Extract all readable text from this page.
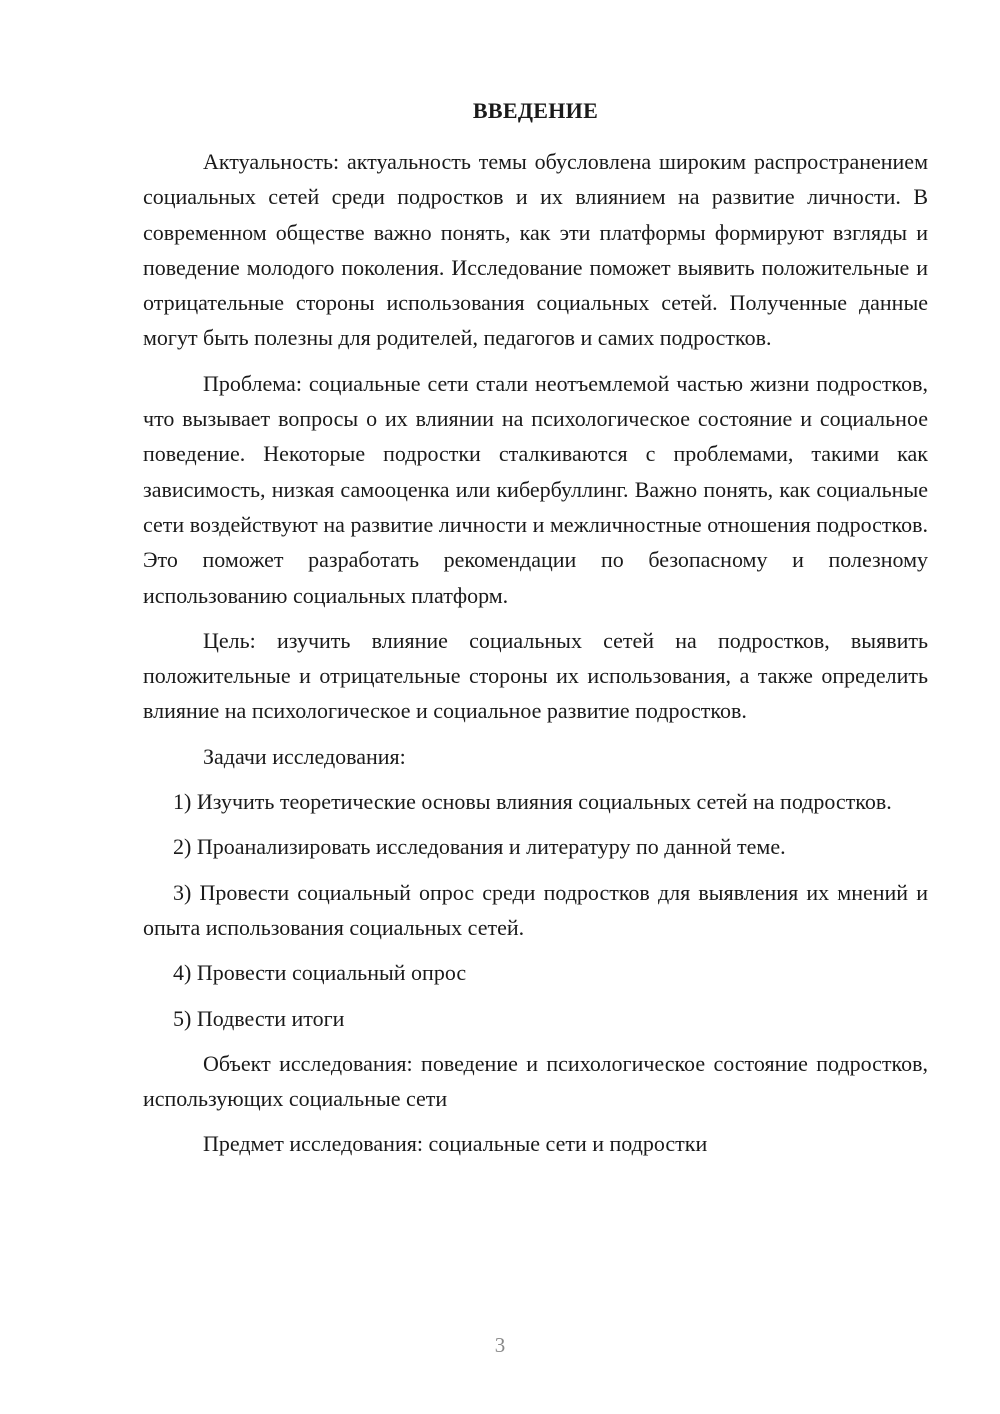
ВВЕДЕНИЕ

Актуальность: актуальность темы обусловлена широким распространением социальных сетей среди подростков и их влиянием на развитие личности. В современном обществе важно понять, как эти платформы формируют взгляды и поведение молодого поколения. Исследование поможет выявить положительные и отрицательные стороны использования социальных сетей. Полученные данные могут быть полезны для родителей, педагогов и самих подростков.

Проблема: социальные сети стали неотъемлемой частью жизни подростков, что вызывает вопросы о их влиянии на психологическое состояние и социальное поведение. Некоторые подростки сталкиваются с проблемами, такими как зависимость, низкая самооценка или кибербуллинг. Важно понять, как социальные сети воздействуют на развитие личности и межличностные отношения подростков. Это поможет разработать рекомендации по безопасному и полезному использованию социальных платформ.

Цель: изучить влияние социальных сетей на подростков, выявить положительные и отрицательные стороны их использования, а также определить влияние на психологическое и социальное развитие подростков.

Задачи исследования:

1) Изучить теоретические основы влияния социальных сетей на подростков.

2) Проанализировать исследования и литературу по данной теме.

3) Провести социальный опрос среди подростков для выявления их мнений и опыта использования социальных сетей.

4) Провести социальный опрос

5) Подвести итоги

Объект исследования: поведение и психологическое состояние подростков, использующих социальные сети

Предмет исследования: социальные сети и подростки

3
